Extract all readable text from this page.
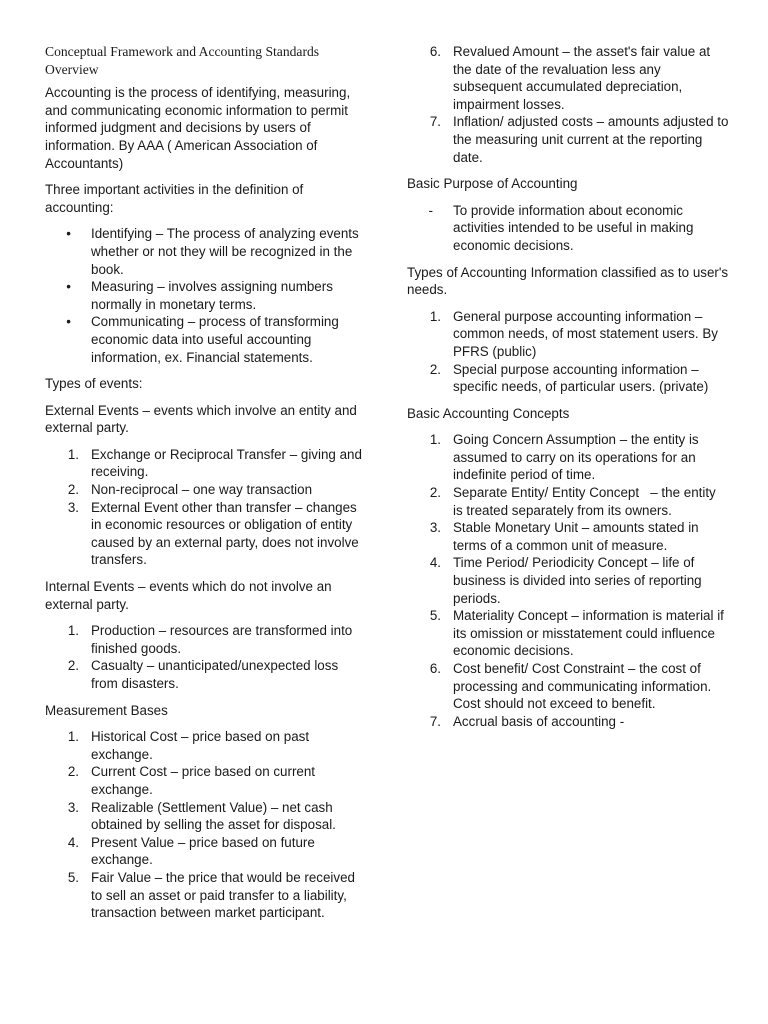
Conceptual Framework and Accounting Standards
Overview

Accounting is the process of identifying, measuring, and communicating economic information to permit informed judgment and decisions by users of information. By AAA ( American Association of Accountants)

Three important activities in the definition of accounting:

• Identifying – The process of analyzing events whether or not they will be recognized in the book.
• Measuring – involves assigning numbers normally in monetary terms.
• Communicating – process of transforming economic data into useful accounting information, ex. Financial statements.

Types of events:

External Events – events which involve an entity and external party.

1. Exchange or Reciprocal Transfer – giving and receiving.
2. Non-reciprocal – one way transaction
3. External Event other than transfer – changes in economic resources or obligation of entity caused by an external party, does not involve transfers.

Internal Events – events which do not involve an external party.

1. Production – resources are transformed into finished goods.
2. Casualty – unanticipated/unexpected loss from disasters.

Measurement Bases

1. Historical Cost – price based on past exchange.
2. Current Cost – price based on current exchange.
3. Realizable (Settlement Value) – net cash obtained by selling the asset for disposal.
4. Present Value – price based on future exchange.
5. Fair Value – the price that would be received to sell an asset or paid transfer to a liability, transaction between market participant.
6. Revalued Amount – the asset's fair value at the date of the revaluation less any subsequent accumulated depreciation, impairment losses.
7. Inflation/ adjusted costs – amounts adjusted to the measuring unit current at the reporting date.

Basic Purpose of Accounting

- To provide information about economic activities intended to be useful in making economic decisions.

Types of Accounting Information classified as to user's needs.

1. General purpose accounting information – common needs, of most statement users. By PFRS (public)
2. Special purpose accounting information – specific needs, of particular users. (private)

Basic Accounting Concepts

1. Going Concern Assumption – the entity is assumed to carry on its operations for an indefinite period of time.
2. Separate Entity/ Entity Concept   – the entity is treated separately from its owners.
3. Stable Monetary Unit – amounts stated in terms of a common unit of measure.
4. Time Period/ Periodicity Concept – life of business is divided into series of reporting periods.
5. Materiality Concept – information is material if its omission or misstatement could influence economic decisions.
6. Cost benefit/ Cost Constraint – the cost of processing and communicating information. Cost should not exceed to benefit.
7. Accrual basis of accounting -
